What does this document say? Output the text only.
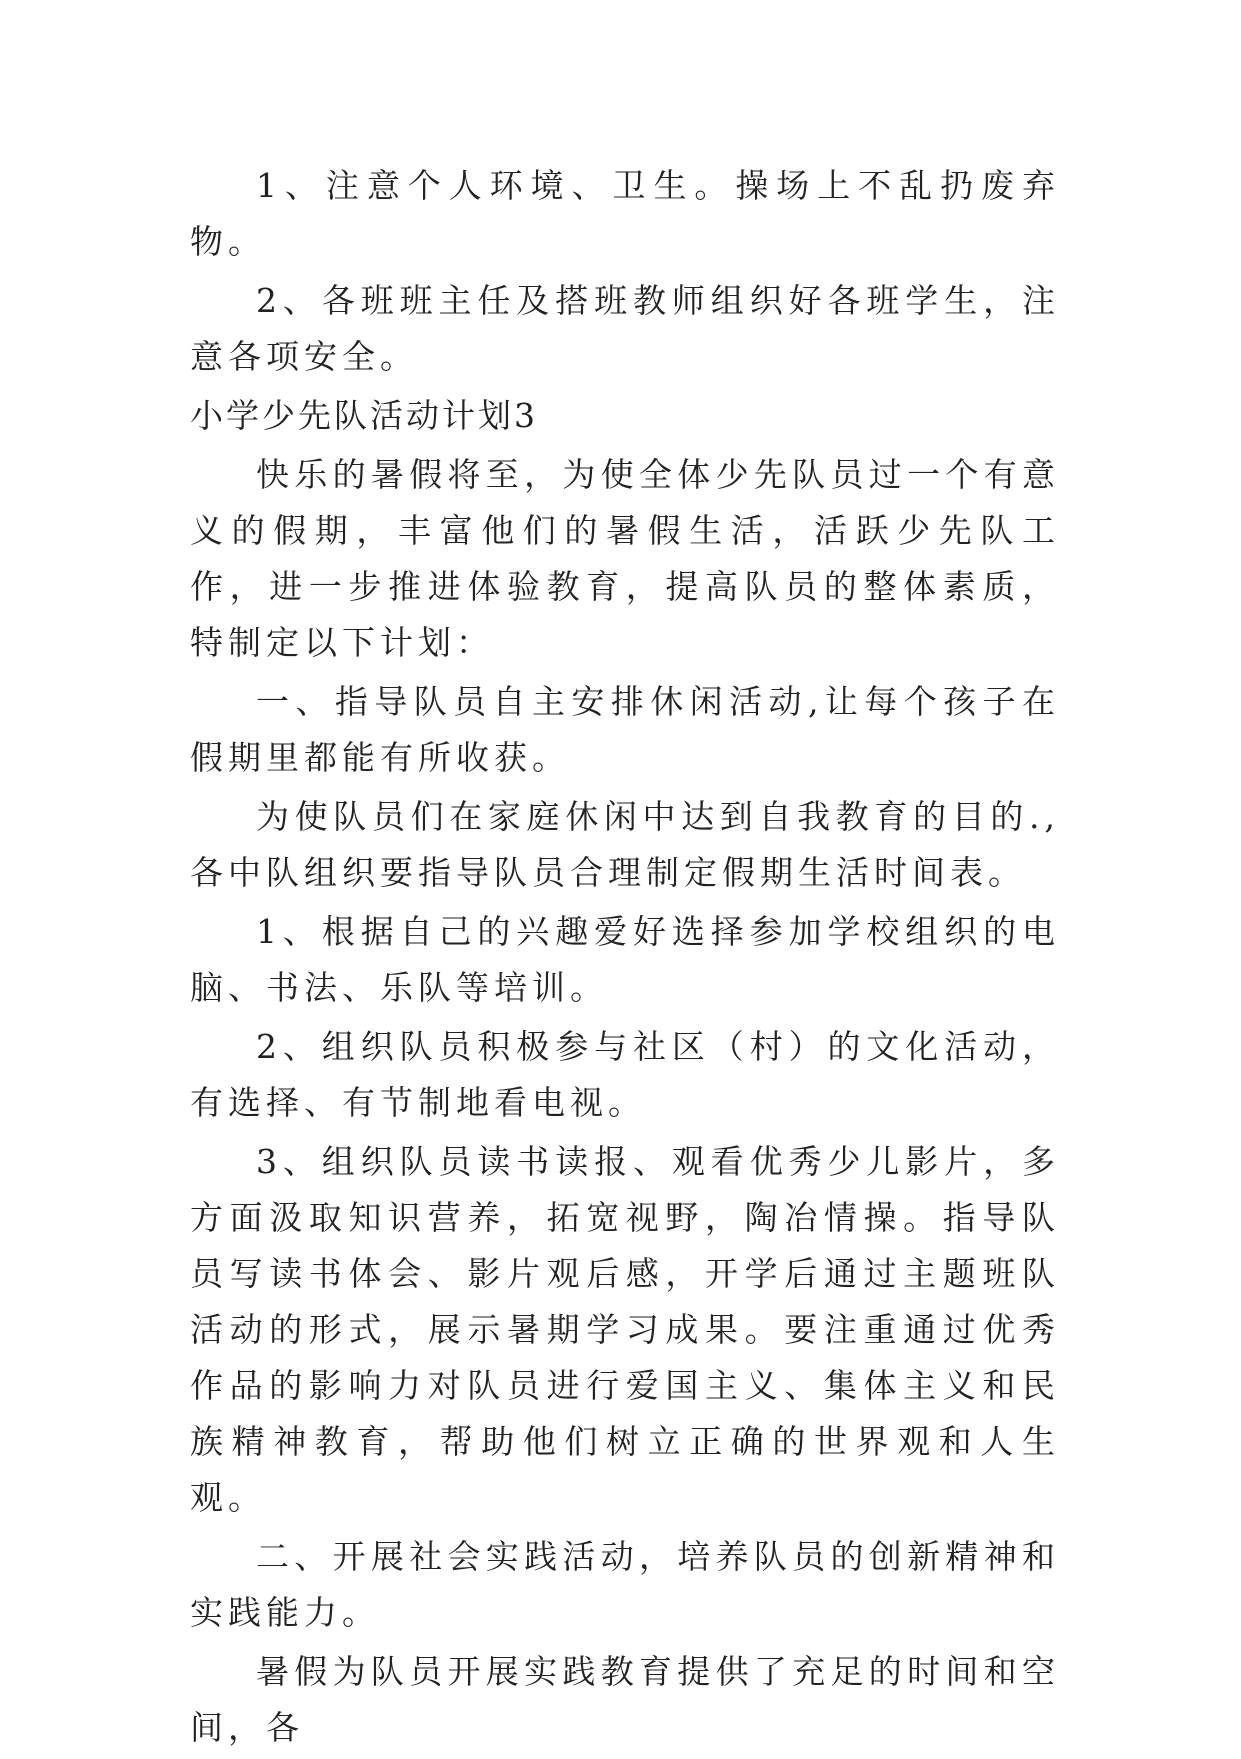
1、注意个人环境、卫生。操场上不乱扔废弃物。

2、各班班主任及搭班教师组织好各班学生，注意各项安全。

小学少先队活动计划3

快乐的暑假将至，为使全体少先队员过一个有意义的假期，丰富他们的暑假生活，活跃少先队工作，进一步推进体验教育，提高队员的整体素质，特制定以下计划：

一、指导队员自主安排休闲活动,让每个孩子在假期里都能有所收获。

为使队员们在家庭休闲中达到自我教育的目的.,各中队组织要指导队员合理制定假期生活时间表。

1、根据自己的兴趣爱好选择参加学校组织的电脑、书法、乐队等培训。

2、组织队员积极参与社区（村）的文化活动，有选择、有节制地看电视。

3、组织队员读书读报、观看优秀少儿影片，多方面汲取知识营养，拓宽视野，陶冶情操。指导队员写读书体会、影片观后感，开学后通过主题班队活动的形式，展示暑期学习成果。要注重通过优秀作品的影响力对队员进行爱国主义、集体主义和民族精神教育，帮助他们树立正确的世界观和人生观。

二、开展社会实践活动，培养队员的创新精神和实践能力。

暑假为队员开展实践教育提供了充足的时间和空间，各
